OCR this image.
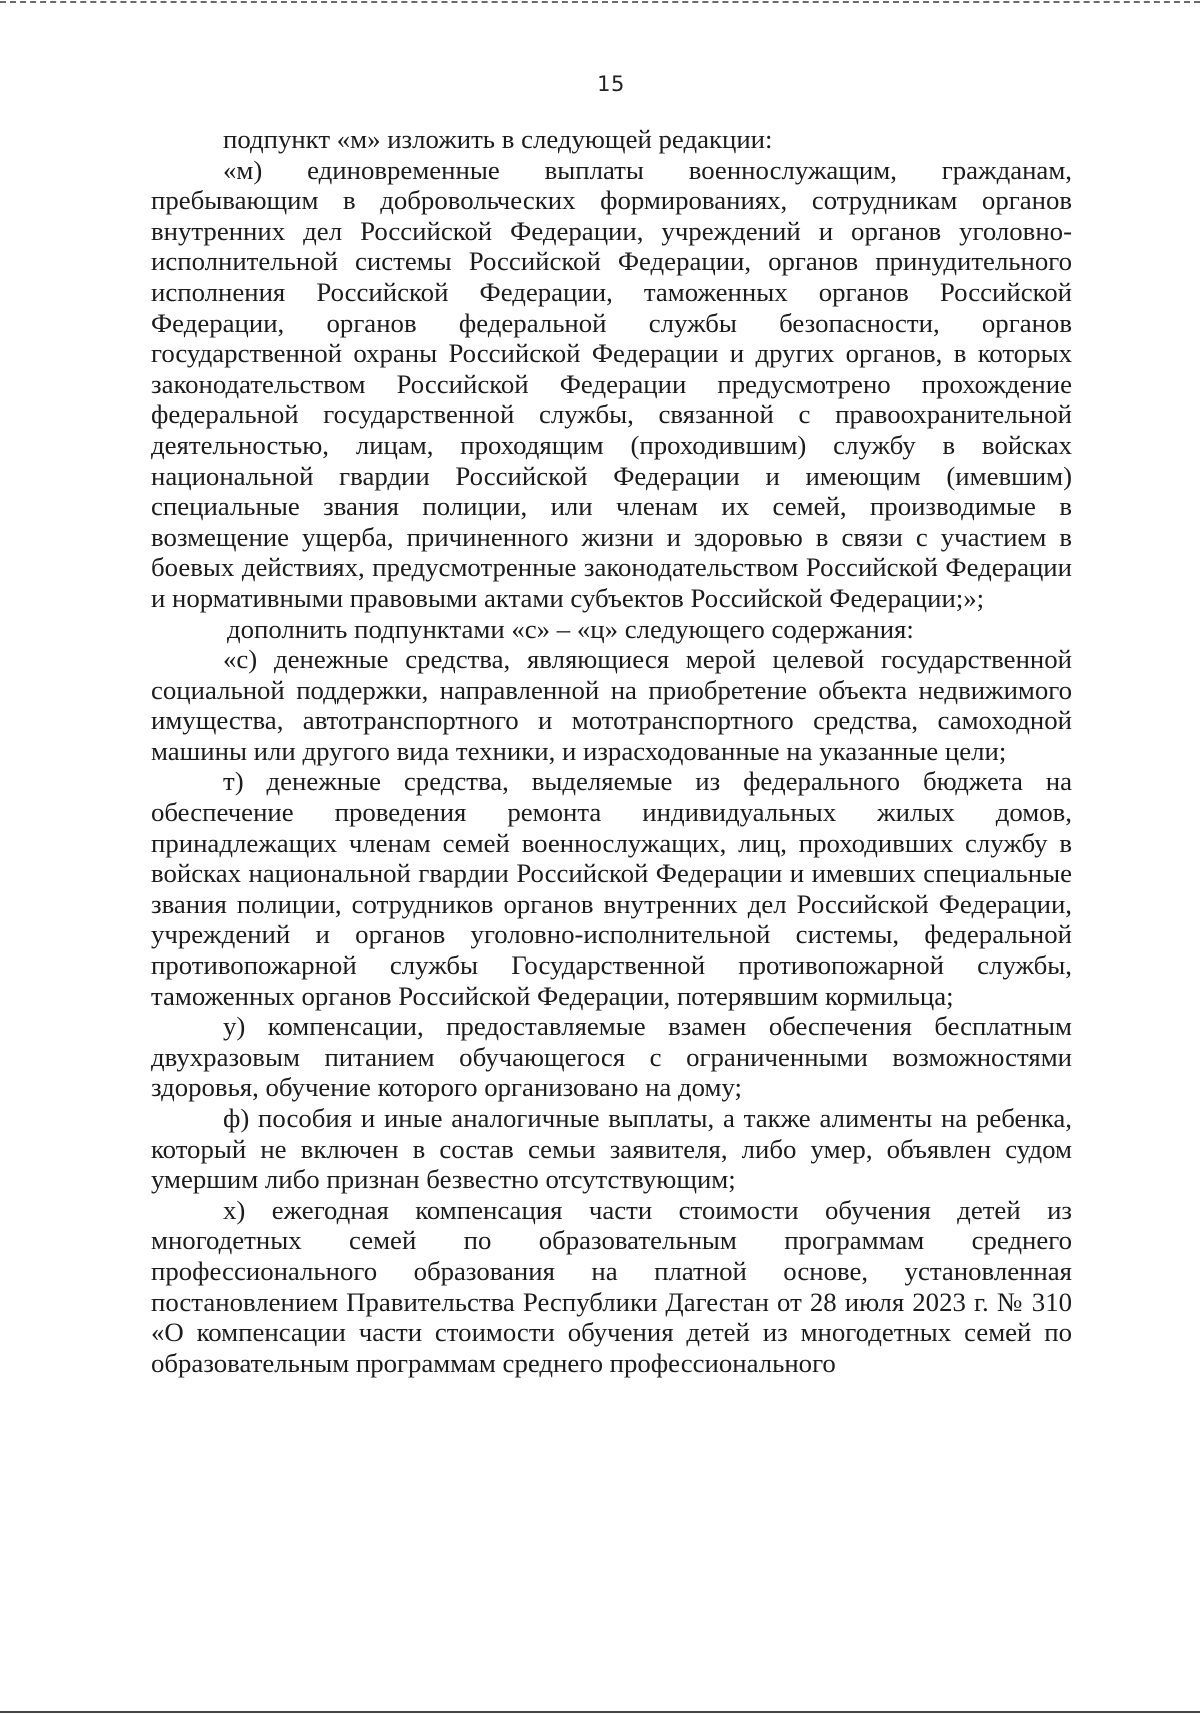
15

подпункт «м» изложить в следующей редакции:

«м) единовременные выплаты военнослужащим, гражданам, пребывающим в добровольческих формированиях, сотрудникам органов внутренних дел Российской Федерации, учреждений и органов уголовно-исполнительной системы Российской Федерации, органов принудительного исполнения Российской Федерации, таможенных органов Российской Федерации, органов федеральной службы безопасности, органов государственной охраны Российской Федерации и других органов, в которых законодательством Российской Федерации предусмотрено прохождение федеральной государственной службы, связанной с правоохранительной деятельностью, лицам, проходящим (проходившим) службу в войсках национальной гвардии Российской Федерации и имеющим (имевшим) специальные звания полиции, или членам их семей, производимые в возмещение ущерба, причиненного жизни и здоровью в связи с участием в боевых действиях, предусмотренные законодательством Российской Федерации и нормативными правовыми актами субъектов Российской Федерации;»;

дополнить подпунктами «с» – «ц» следующего содержания:

«с) денежные средства, являющиеся мерой целевой государственной социальной поддержки, направленной на приобретение объекта недвижимого имущества, автотранспортного и мототранспортного средства, самоходной машины или другого вида техники, и израсходованные на указанные цели;

т) денежные средства, выделяемые из федерального бюджета на обеспечение проведения ремонта индивидуальных жилых домов, принадлежащих членам семей военнослужащих, лиц, проходивших службу в войсках национальной гвардии Российской Федерации и имевших специальные звания полиции, сотрудников органов внутренних дел Российской Федерации, учреждений и органов уголовно-исполнительной системы, федеральной противопожарной службы Государственной противопожарной службы, таможенных органов Российской Федерации, потерявшим кормильца;

у) компенсации, предоставляемые взамен обеспечения бесплатным двухразовым питанием обучающегося с ограниченными возможностями здоровья, обучение которого организовано на дому;

ф) пособия и иные аналогичные выплаты, а также алименты на ребенка, который не включен в состав семьи заявителя, либо умер, объявлен судом умершим либо признан безвестно отсутствующим;

х) ежегодная компенсация части стоимости обучения детей из многодетных семей по образовательным программам среднего профессионального образования на платной основе, установленная постановлением Правительства Республики Дагестан от 28 июля 2023 г. № 310 «О компенсации части стоимости обучения детей из многодетных семей по образовательным программам среднего профессионального
